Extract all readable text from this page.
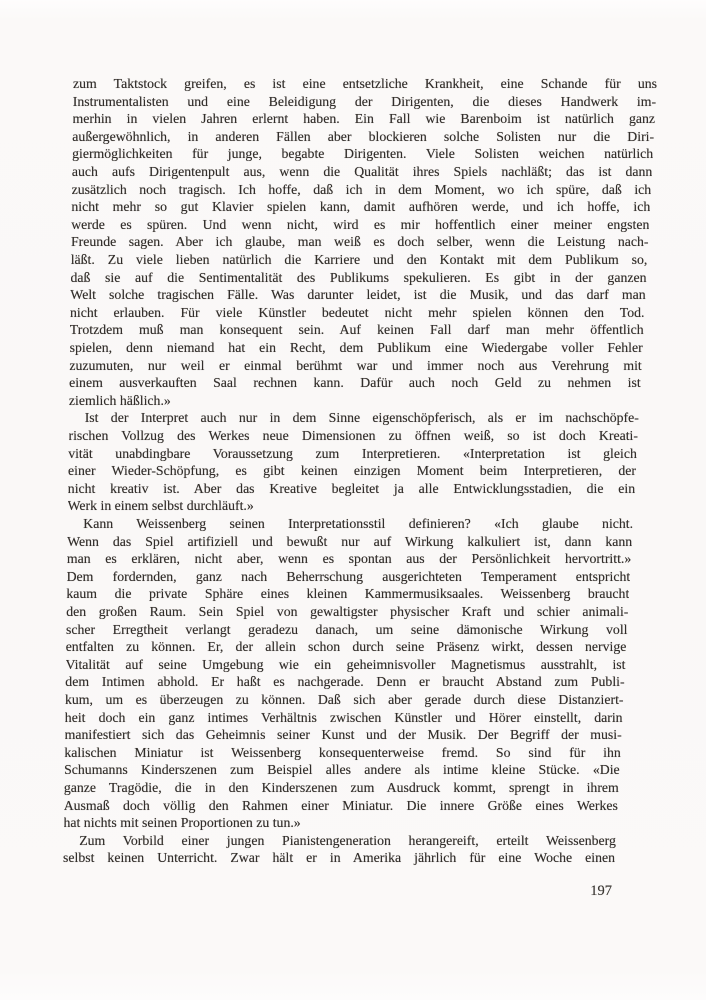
zum Taktstock greifen, es ist eine entsetzliche Krankheit, eine Schande für uns
Instrumentalisten und eine Beleidigung der Dirigenten, die dieses Handwerk im-
merhin in vielen Jahren erlernt haben. Ein Fall wie Barenboim ist natürlich ganz
außergewöhnlich, in anderen Fällen aber blockieren solche Solisten nur die Diri-
giermöglichkeiten für junge, begabte Dirigenten. Viele Solisten weichen natürlich
auch aufs Dirigentenpult aus, wenn die Qualität ihres Spiels nachläßt; das ist dann
zusätzlich noch tragisch. Ich hoffe, daß ich in dem Moment, wo ich spüre, daß ich
nicht mehr so gut Klavier spielen kann, damit aufhören werde, und ich hoffe, ich
werde es spüren. Und wenn nicht, wird es mir hoffentlich einer meiner engsten
Freunde sagen. Aber ich glaube, man weiß es doch selber, wenn die Leistung nach-
läßt. Zu viele lieben natürlich die Karriere und den Kontakt mit dem Publikum so,
daß sie auf die Sentimentalität des Publikums spekulieren. Es gibt in der ganzen
Welt solche tragischen Fälle. Was darunter leidet, ist die Musik, und das darf man
nicht erlauben. Für viele Künstler bedeutet nicht mehr spielen können den Tod.
Trotzdem muß man konsequent sein. Auf keinen Fall darf man mehr öffentlich
spielen, denn niemand hat ein Recht, dem Publikum eine Wiedergabe voller Fehler
zuzumuten, nur weil er einmal berühmt war und immer noch aus Verehrung mit
einem ausverkauften Saal rechnen kann. Dafür auch noch Geld zu nehmen ist
ziemlich häßlich.»
Ist der Interpret auch nur in dem Sinne eigenschöpferisch, als er im nachschöpfe-
rischen Vollzug des Werkes neue Dimensionen zu öffnen weiß, so ist doch Kreati-
vität unabdingbare Voraussetzung zum Interpretieren. «Interpretation ist gleich
einer Wieder-Schöpfung, es gibt keinen einzigen Moment beim Interpretieren, der
nicht kreativ ist. Aber das Kreative begleitet ja alle Entwicklungsstadien, die ein
Werk in einem selbst durchläuft.»
Kann Weissenberg seinen Interpretationsstil definieren? «Ich glaube nicht.
Wenn das Spiel artifiziell und bewußt nur auf Wirkung kalkuliert ist, dann kann
man es erklären, nicht aber, wenn es spontan aus der Persönlichkeit hervortritt.»
Dem fordernden, ganz nach Beherrschung ausgerichteten Temperament entspricht
kaum die private Sphäre eines kleinen Kammermusiksaales. Weissenberg braucht
den großen Raum. Sein Spiel von gewaltigster physischer Kraft und schier animali-
scher Erregtheit verlangt geradezu danach, um seine dämonische Wirkung voll
entfalten zu können. Er, der allein schon durch seine Präsenz wirkt, dessen nervige
Vitalität auf seine Umgebung wie ein geheimnisvoller Magnetismus ausstrahlt, ist
dem Intimen abhold. Er haßt es nachgerade. Denn er braucht Abstand zum Publi-
kum, um es überzeugen zu können. Daß sich aber gerade durch diese Distanziert-
heit doch ein ganz intimes Verhältnis zwischen Künstler und Hörer einstellt, darin
manifestiert sich das Geheimnis seiner Kunst und der Musik. Der Begriff der musi-
kalischen Miniatur ist Weissenberg konsequenterweise fremd. So sind für ihn
Schumanns Kinderszenen zum Beispiel alles andere als intime kleine Stücke. «Die
ganze Tragödie, die in den Kinderszenen zum Ausdruck kommt, sprengt in ihrem
Ausmaß doch völlig den Rahmen einer Miniatur. Die innere Größe eines Werkes
hat nichts mit seinen Proportionen zu tun.»
Zum Vorbild einer jungen Pianistengeneration herangereift, erteilt Weissenberg
selbst keinen Unterricht. Zwar hält er in Amerika jährlich für eine Woche einen
197
